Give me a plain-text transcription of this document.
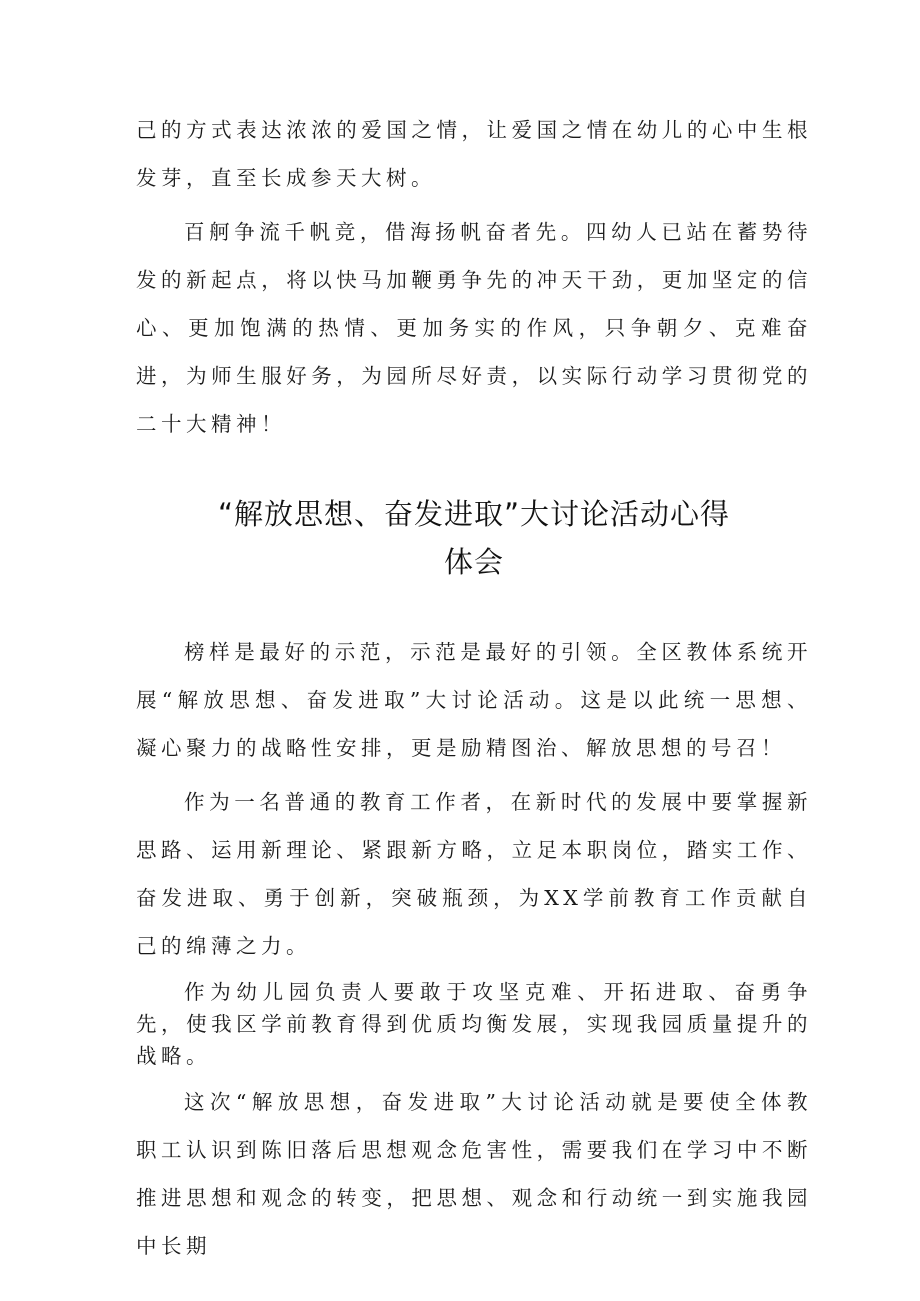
己的方式表达浓浓的爱国之情，让爱国之情在幼儿的心中生根发芽，直至长成参天大树。

百舸争流千帆竞，借海扬帆奋者先。四幼人已站在蓄势待发的新起点，将以快马加鞭勇争先的冲天干劲，更加坚定的信心、更加饱满的热情、更加务实的作风，只争朝夕、克难奋进，为师生服好务，为园所尽好责，以实际行动学习贯彻党的二十大精神！

“解放思想、奋发进取”大讨论活动心得
体会

榜样是最好的示范，示范是最好的引领。全区教体系统开展“解放思想、奋发进取”大讨论活动。这是以此统一思想、凝心聚力的战略性安排，更是励精图治、解放思想的号召！

作为一名普通的教育工作者，在新时代的发展中要掌握新思路、运用新理论、紧跟新方略，立足本职岗位，踏实工作、奋发进取、勇于创新，突破瓶颈，为XX学前教育工作贡献自己的绵薄之力。

作为幼儿园负责人要敢于攻坚克难、开拓进取、奋勇争先，使我区学前教育得到优质均衡发展，实现我园质量提升的战略。

这次“解放思想，奋发进取”大讨论活动就是要使全体教职工认识到陈旧落后思想观念危害性，需要我们在学习中不断推进思想和观念的转变，把思想、观念和行动统一到实施我园中长期
